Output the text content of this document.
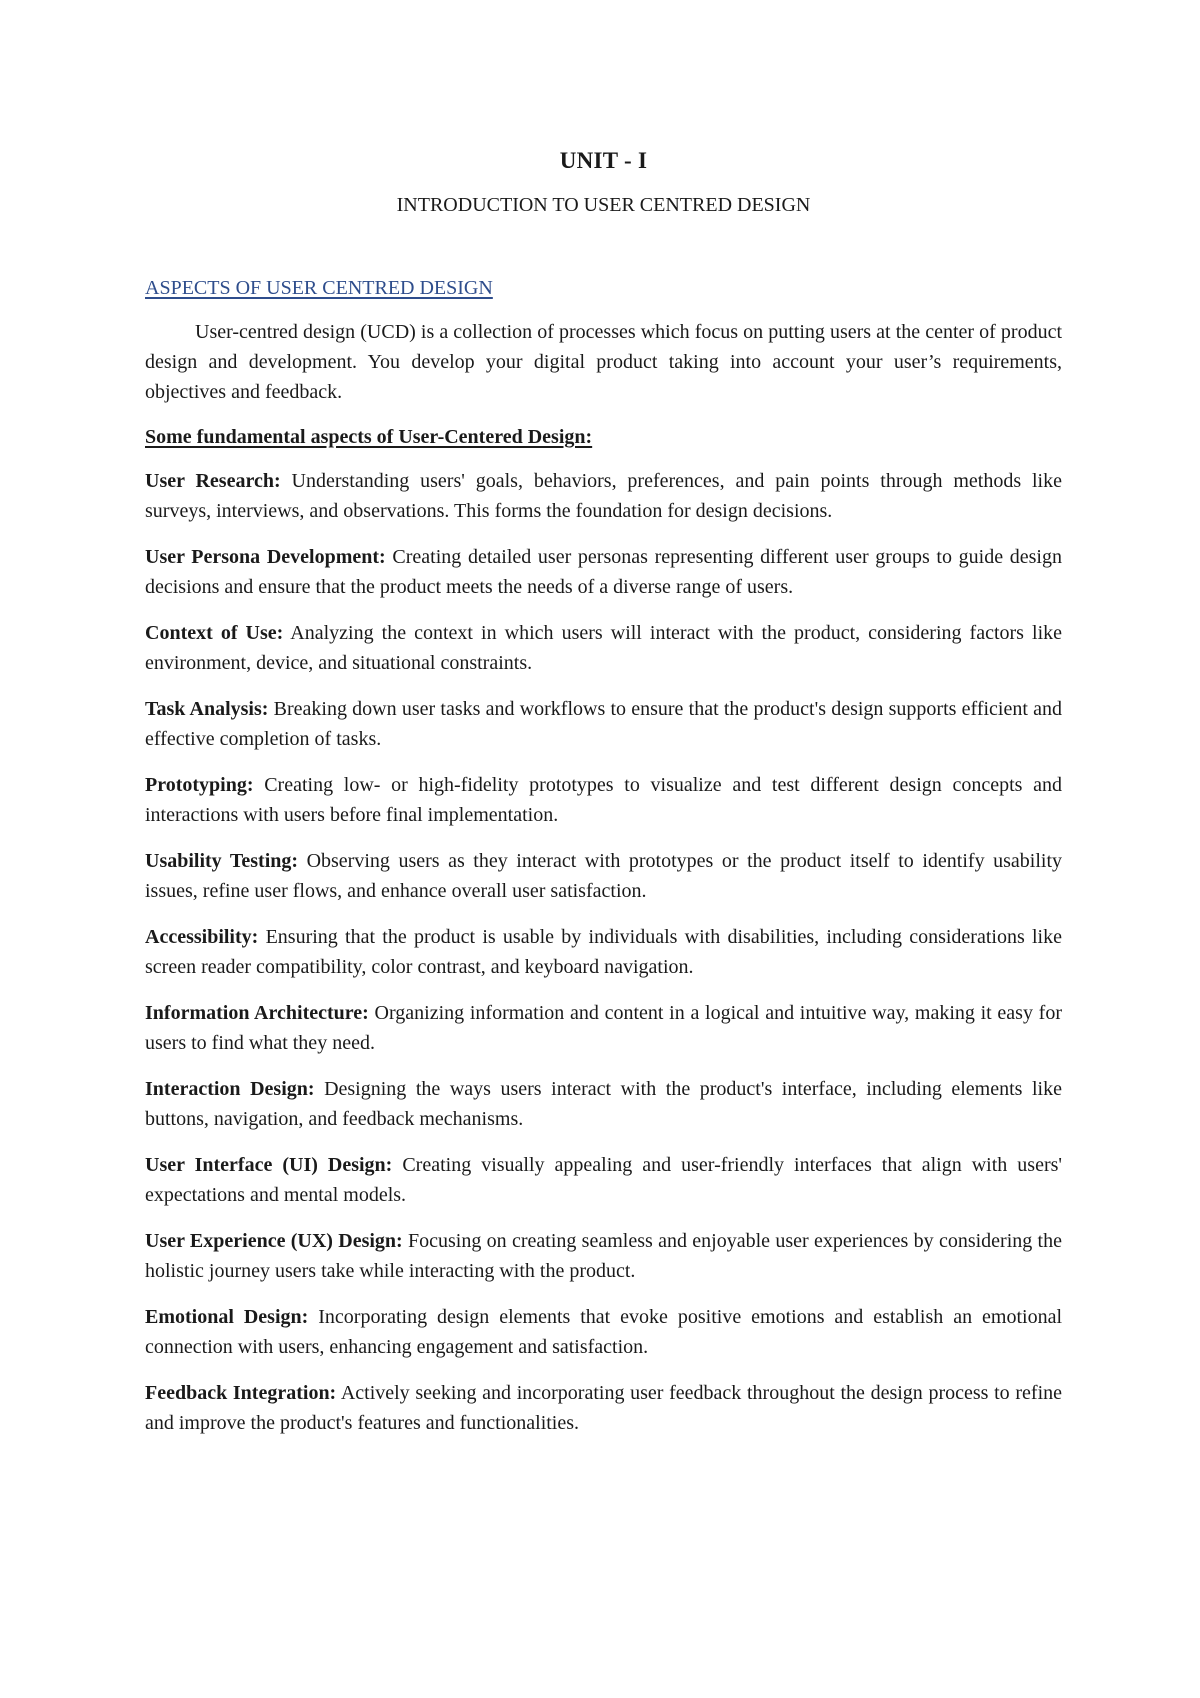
UNIT - I
INTRODUCTION TO USER CENTRED DESIGN
ASPECTS OF USER CENTRED DESIGN

User-centred design (UCD) is a collection of processes which focus on putting users at the center of product design and development. You develop your digital product taking into account your user’s requirements, objectives and feedback.

Some fundamental aspects of User-Centered Design:

User Research: Understanding users' goals, behaviors, preferences, and pain points through methods like surveys, interviews, and observations. This forms the foundation for design decisions.

User Persona Development: Creating detailed user personas representing different user groups to guide design decisions and ensure that the product meets the needs of a diverse range of users.

Context of Use: Analyzing the context in which users will interact with the product, considering factors like environment, device, and situational constraints.

Task Analysis: Breaking down user tasks and workflows to ensure that the product's design supports efficient and effective completion of tasks.

Prototyping: Creating low- or high-fidelity prototypes to visualize and test different design concepts and interactions with users before final implementation.

Usability Testing: Observing users as they interact with prototypes or the product itself to identify usability issues, refine user flows, and enhance overall user satisfaction.

Accessibility: Ensuring that the product is usable by individuals with disabilities, including considerations like screen reader compatibility, color contrast, and keyboard navigation.

Information Architecture: Organizing information and content in a logical and intuitive way, making it easy for users to find what they need.

Interaction Design: Designing the ways users interact with the product's interface, including elements like buttons, navigation, and feedback mechanisms.

User Interface (UI) Design: Creating visually appealing and user-friendly interfaces that align with users' expectations and mental models.

User Experience (UX) Design: Focusing on creating seamless and enjoyable user experiences by considering the holistic journey users take while interacting with the product.

Emotional Design: Incorporating design elements that evoke positive emotions and establish an emotional connection with users, enhancing engagement and satisfaction.

Feedback Integration: Actively seeking and incorporating user feedback throughout the design process to refine and improve the product's features and functionalities.
